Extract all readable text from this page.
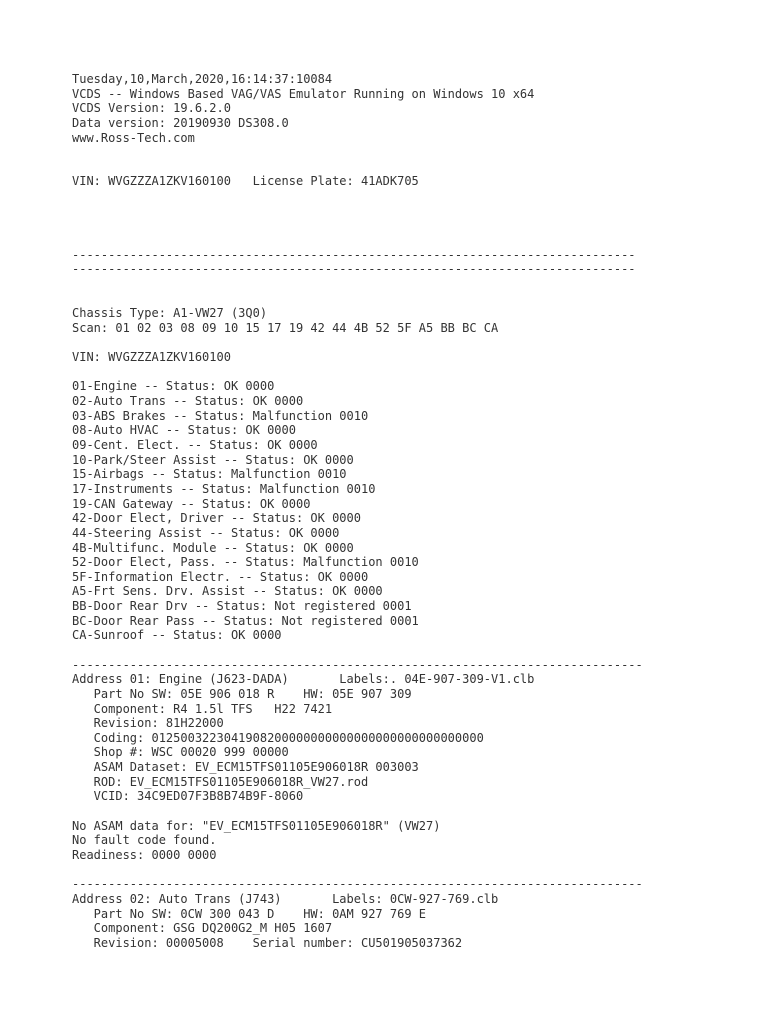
Tuesday,10,March,2020,16:14:37:10084
VCDS -- Windows Based VAG/VAS Emulator Running on Windows 10 x64
VCDS Version: 19.6.2.0
Data version: 20190930 DS308.0
www.Ross-Tech.com

VIN: WVGZZZA1ZKV160100   License Plate: 41ADK705

------------------------------------------------------------------------------
------------------------------------------------------------------------------

Chassis Type: A1-VW27 (3Q0)
Scan: 01 02 03 08 09 10 15 17 19 42 44 4B 52 5F A5 BB BC CA

VIN: WVGZZZA1ZKV160100

01-Engine -- Status: OK 0000
02-Auto Trans -- Status: OK 0000
03-ABS Brakes -- Status: Malfunction 0010
08-Auto HVAC -- Status: OK 0000
09-Cent. Elect. -- Status: OK 0000
10-Park/Steer Assist -- Status: OK 0000
15-Airbags -- Status: Malfunction 0010
17-Instruments -- Status: Malfunction 0010
19-CAN Gateway -- Status: OK 0000
42-Door Elect, Driver -- Status: OK 0000
44-Steering Assist -- Status: OK 0000
4B-Multifunc. Module -- Status: OK 0000
52-Door Elect, Pass. -- Status: Malfunction 0010
5F-Information Electr. -- Status: OK 0000
A5-Frt Sens. Drv. Assist -- Status: OK 0000
BB-Door Rear Drv -- Status: Not registered 0001
BC-Door Rear Pass -- Status: Not registered 0001
CA-Sunroof -- Status: OK 0000

-------------------------------------------------------------------------------
Address 01: Engine (J623-DADA)       Labels:. 04E-907-309-V1.clb
Part No SW: 05E 906 018 R    HW: 05E 907 309
Component: R4 1.5l TFS   H22 7421
Revision: 81H22000
Coding: 0125003223041908200000000000000000000000000000
Shop #: WSC 00020 999 00000
ASAM Dataset: EV_ECM15TFS01105E906018R 003003
ROD: EV_ECM15TFS01105E906018R_VW27.rod
VCID: 34C9ED07F3B8B74B9F-8060

No ASAM data for: "EV_ECM15TFS01105E906018R" (VW27)
No fault code found.
Readiness: 0000 0000

-------------------------------------------------------------------------------
Address 02: Auto Trans (J743)       Labels: 0CW-927-769.clb
Part No SW: 0CW 300 043 D    HW: 0AM 927 769 E
Component: GSG DQ200G2_M H05 1607
Revision: 00005008    Serial number: CU501905037362
